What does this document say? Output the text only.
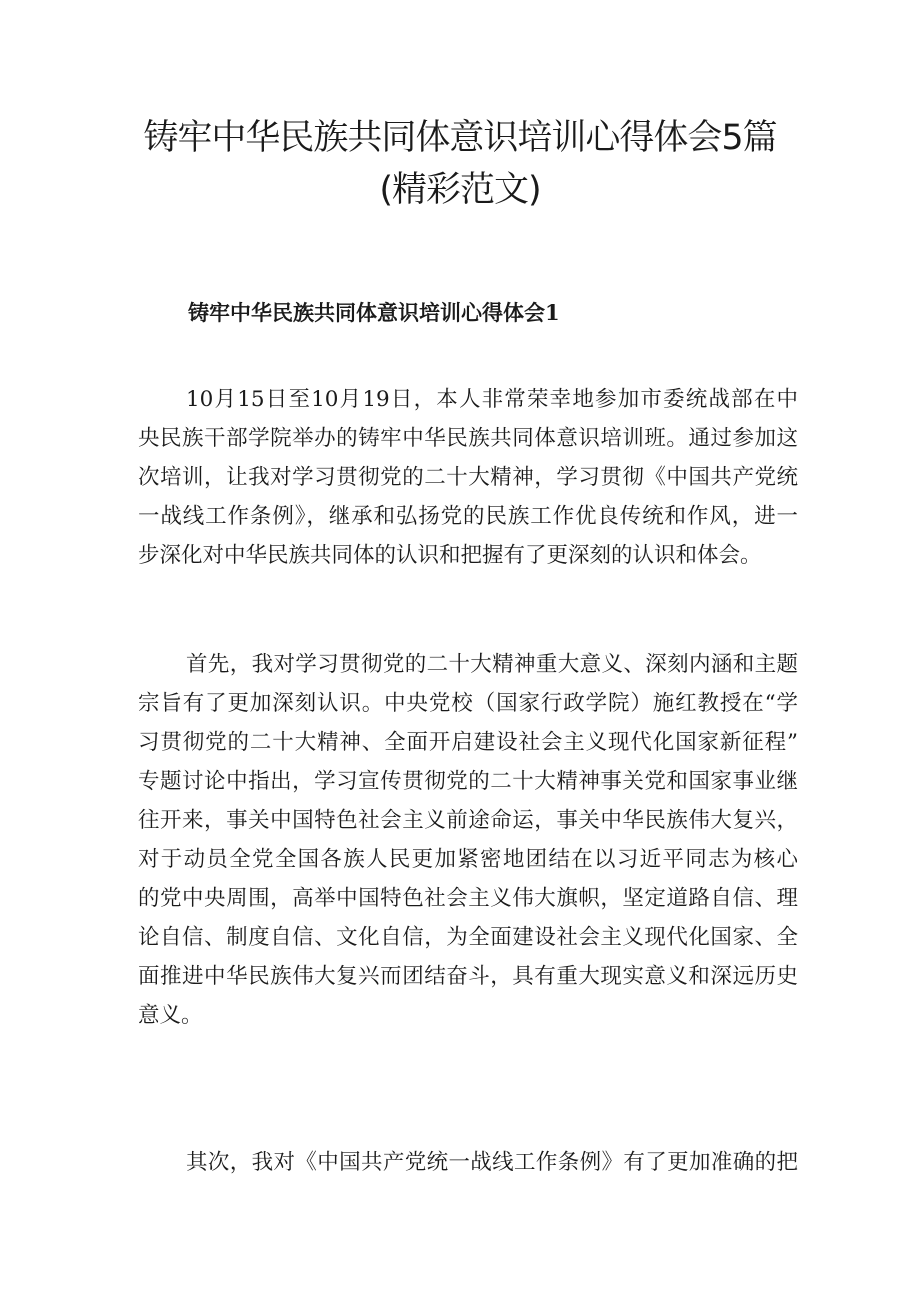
铸牢中华民族共同体意识培训心得体会5篇
(精彩范文)
铸牢中华民族共同体意识培训心得体会1

10月15日至10月19日，本人非常荣幸地参加市委统战部在中
央民族干部学院举办的铸牢中华民族共同体意识培训班。通过参加这
次培训，让我对学习贯彻党的二十大精神，学习贯彻《中国共产党统
一战线工作条例》，继承和弘扬党的民族工作优良传统和作风，进一
步深化对中华民族共同体的认识和把握有了更深刻的认识和体会。

首先，我对学习贯彻党的二十大精神重大意义、深刻内涵和主题
宗旨有了更加深刻认识。中央党校（国家行政学院）施红教授在“学
习贯彻党的二十大精神、全面开启建设社会主义现代化国家新征程”
专题讨论中指出，学习宣传贯彻党的二十大精神事关党和国家事业继
往开来，事关中国特色社会主义前途命运，事关中华民族伟大复兴，
对于动员全党全国各族人民更加紧密地团结在以习近平同志为核心
的党中央周围，高举中国特色社会主义伟大旗帜，坚定道路自信、理
论自信、制度自信、文化自信，为全面建设社会主义现代化国家、全
面推进中华民族伟大复兴而团结奋斗，具有重大现实意义和深远历史
意义。

其次，我对《中国共产党统一战线工作条例》有了更加准确的把
